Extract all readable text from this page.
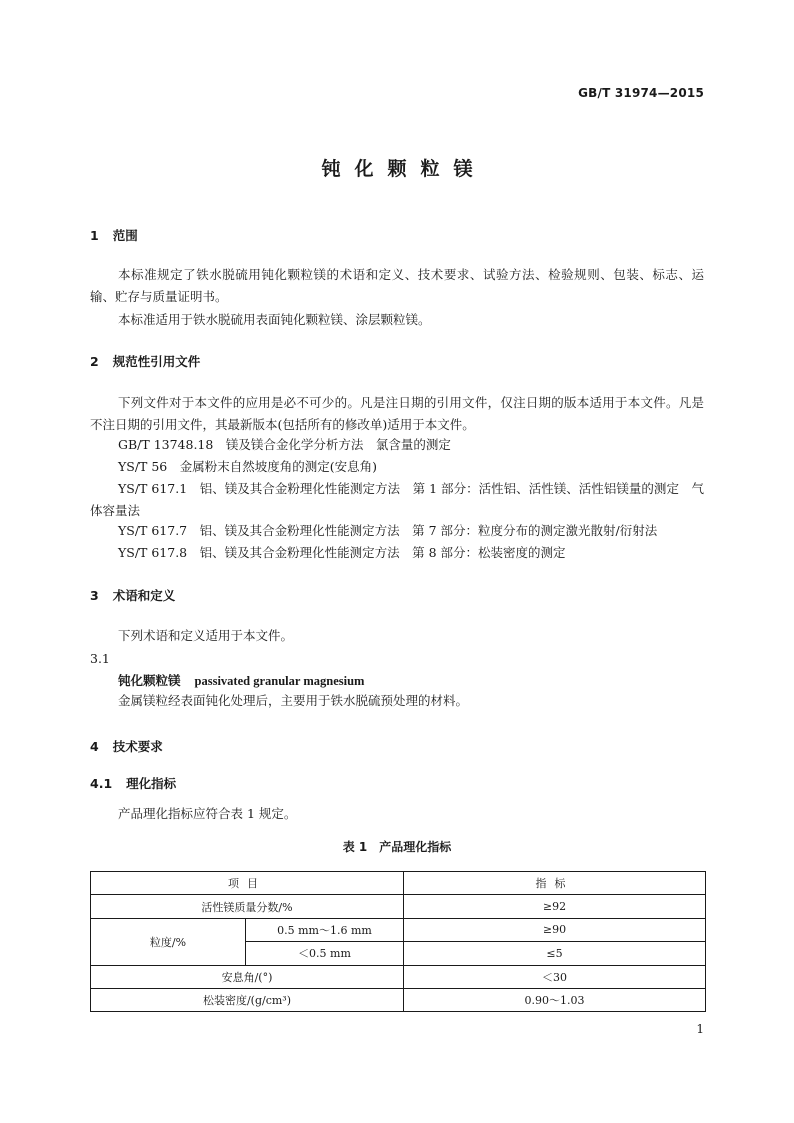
GB/T 31974—2015
钝化颗粒镁
1 范围
本标准规定了铁水脱硫用钝化颗粒镁的术语和定义、技术要求、试验方法、检验规则、包装、标志、运输、贮存与质量证明书。
本标准适用于铁水脱硫用表面钝化颗粒镁、涂层颗粒镁。
2 规范性引用文件
下列文件对于本文件的应用是必不可少的。凡是注日期的引用文件，仅注日期的版本适用于本文件。凡是不注日期的引用文件，其最新版本(包括所有的修改单)适用于本文件。
GB/T 13748.18　镁及镁合金化学分析方法　氯含量的测定
YS/T 56　金属粉末自然坡度角的测定(安息角)
YS/T 617.1　铝、镁及其合金粉理化性能测定方法　第 1 部分：活性铝、活性镁、活性铝镁量的测定　气体容量法
YS/T 617.7　铝、镁及其合金粉理化性能测定方法　第 7 部分：粒度分布的测定激光散射/衍射法
YS/T 617.8　铝、镁及其合金粉理化性能测定方法　第 8 部分：松装密度的测定
3 术语和定义
下列术语和定义适用于本文件。
3.1
钝化颗粒镁 passivated granular magnesium
金属镁粒经表面钝化处理后，主要用于铁水脱硫预处理的材料。
4 技术要求
4.1 理化指标
产品理化指标应符合表 1 规定。
表 1 产品理化指标
项目		指标
活性镁质量分数/%		≥92
粒度/%	0.5 mm～1.6 mm	≥90
	＜0.5 mm	≤5
安息角/(°)		＜30
松装密度/(g/cm³)		0.90～1.03
1
